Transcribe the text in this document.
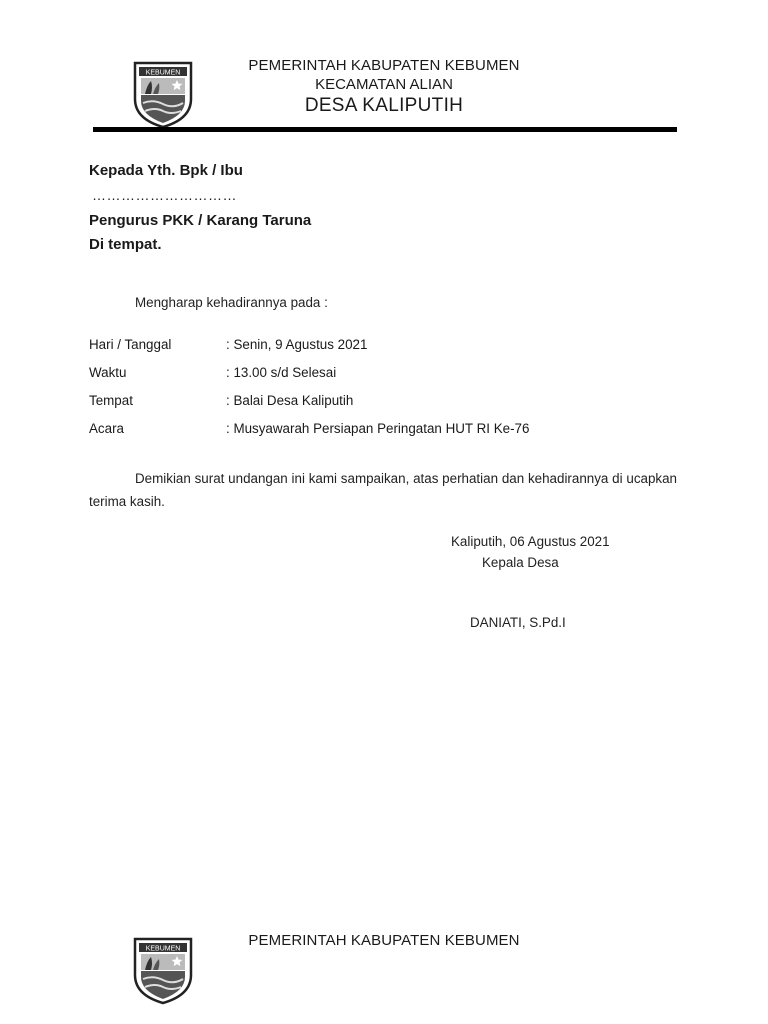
KEBUMEN	PEMERINTAH KABUPATEN KEBUMEN
KECAMATAN ALIAN
DESA KALIPUTIH
Kepada Yth. Bpk / Ibu
…………………………
Pengurus PKK / Karang Taruna
Di tempat.
Mengharap kehadirannya pada :
Hari / Tanggal	: Senin, 9 Agustus 2021
Waktu	: 13.00 s/d Selesai
Tempat	: Balai Desa Kaliputih
Acara	: Musyawarah Persiapan Peringatan HUT RI Ke-76
Demikian surat undangan ini kami sampaikan, atas perhatian dan kehadirannya di ucapkan terima kasih.
Kaliputih, 06 Agustus 2021
Kepala Desa
DANIATI, S.Pd.I
KEBUMEN	PEMERINTAH KABUPATEN KEBUMEN
